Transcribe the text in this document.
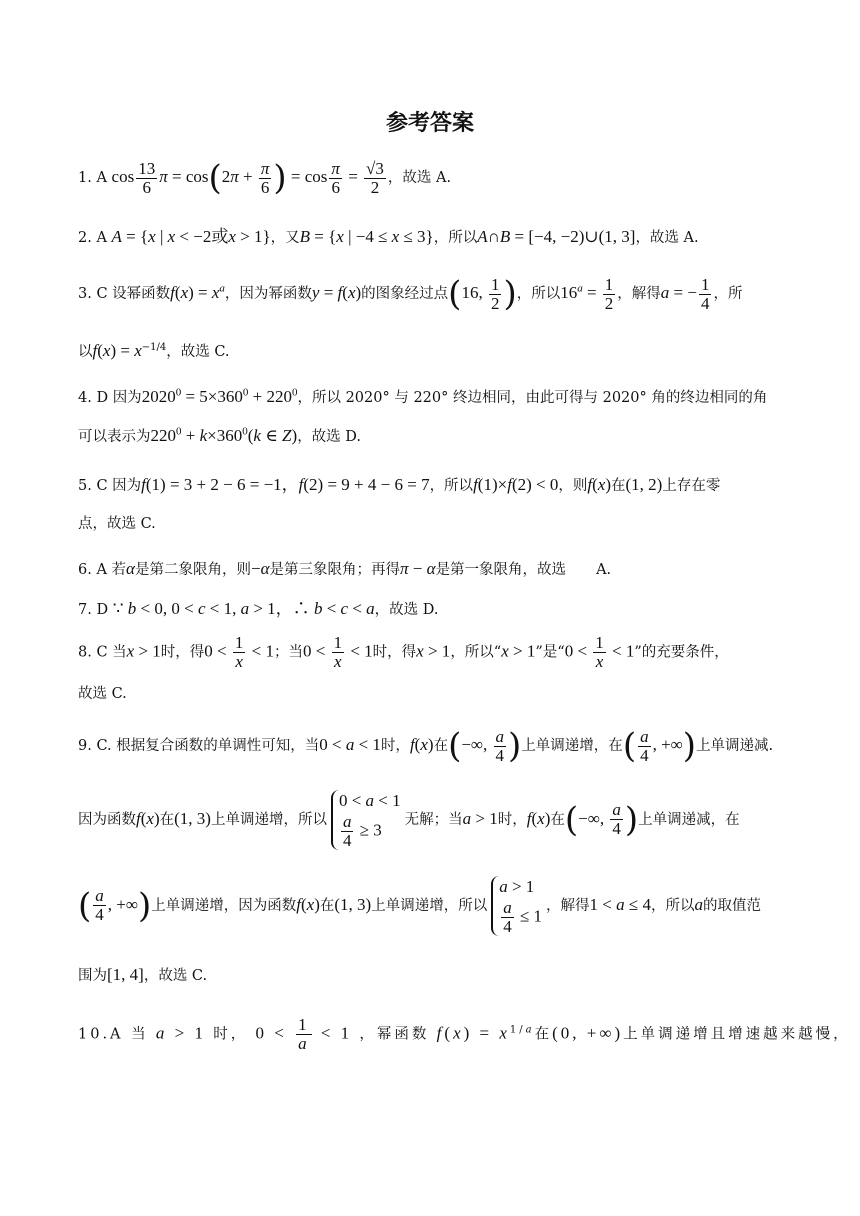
参考答案
1. A $\cos \frac{13}{6}$ $\pi = \cos(2\pi + \frac{\pi}{6}$ ) = $\cos \frac{\pi}{6} = \frac{√3}{2}$ ，故选 A.
2. A A = {x | x < −2或x > 1}，又B = {x | −4 ≤ x ≤ 3}，所以A∩B = [−4, −2)∪(1, 3]，故选 A.
3. C 设幂函数$f(x) = x^a$，因为幂函数y = f(x)的图象经过点(16, $\frac{1}{2}$ )，所以$16^a = \frac{1}{2}$ ，解得a = − $\frac{1}{4}$ ，所
以$f(x) = x^{-1/4}$，故选 C.
4. D 因为$2020^0 = 5\times 360^0 + 220^0$，所以 2020° 与 220° 终边相同，由此可得与 2020° 角的终边相同的角
可以表示为$220^0 + k\times 360^0(k$ ∈ Z)，故选 D.
5. C 因为f(1) = 3 + 2 − 6 = −1，f(2) = 9 + 4 − 6 = 7，所以f(1)×f(2) < 0，则f(x)在(1, 2)上存在零
点，故选 C.
6. A 若α是第二象限角，则−α是第三象限角；再得π − α是第一象限角，故选 A.
7. D ∵ b < 0, 0 < c < 1, a > 1，∴ b < c < a，故选 D.
8. C 当x > 1时，得$0 < \frac{1}{x} < 1$；当$0 < \frac{1}{x} < 1$时，得x > 1，所以“x > 1”是“$0 < \frac{1}{x} < 1$”的充要条件，
故选 C.
9. C. 根据复合函数的单调性可知，当0 < a < 1时，f(x)在(−∞, $\frac{a}{4}$ )上单调递增，在( $\frac{a}{4}$ , +∞)上单调递减.
因为函数f(x)在(1, 3)上单调递增，所以0 < a < 1

$\frac{a}{4} \ge 3$无解；当a > 1时，f(x)在(−∞, $\frac{a}{4}$ )上单调递减，在
( $\frac{a}{4}$ , +∞)上单调递增，因为函数f(x)在(1, 3)上单调递增，所以a > 1

$\frac{a}{4} \le 1$，解得1 < a ≤ 4，所以a的取值范
围为[1, 4]，故选 C.
10.A 当 a > 1 时， $0 < \frac{1}{a} < 1$ ，幂函数 $f(x) = x^{1/a}$在(0, +∞)上单调递增且增速越来越慢，
